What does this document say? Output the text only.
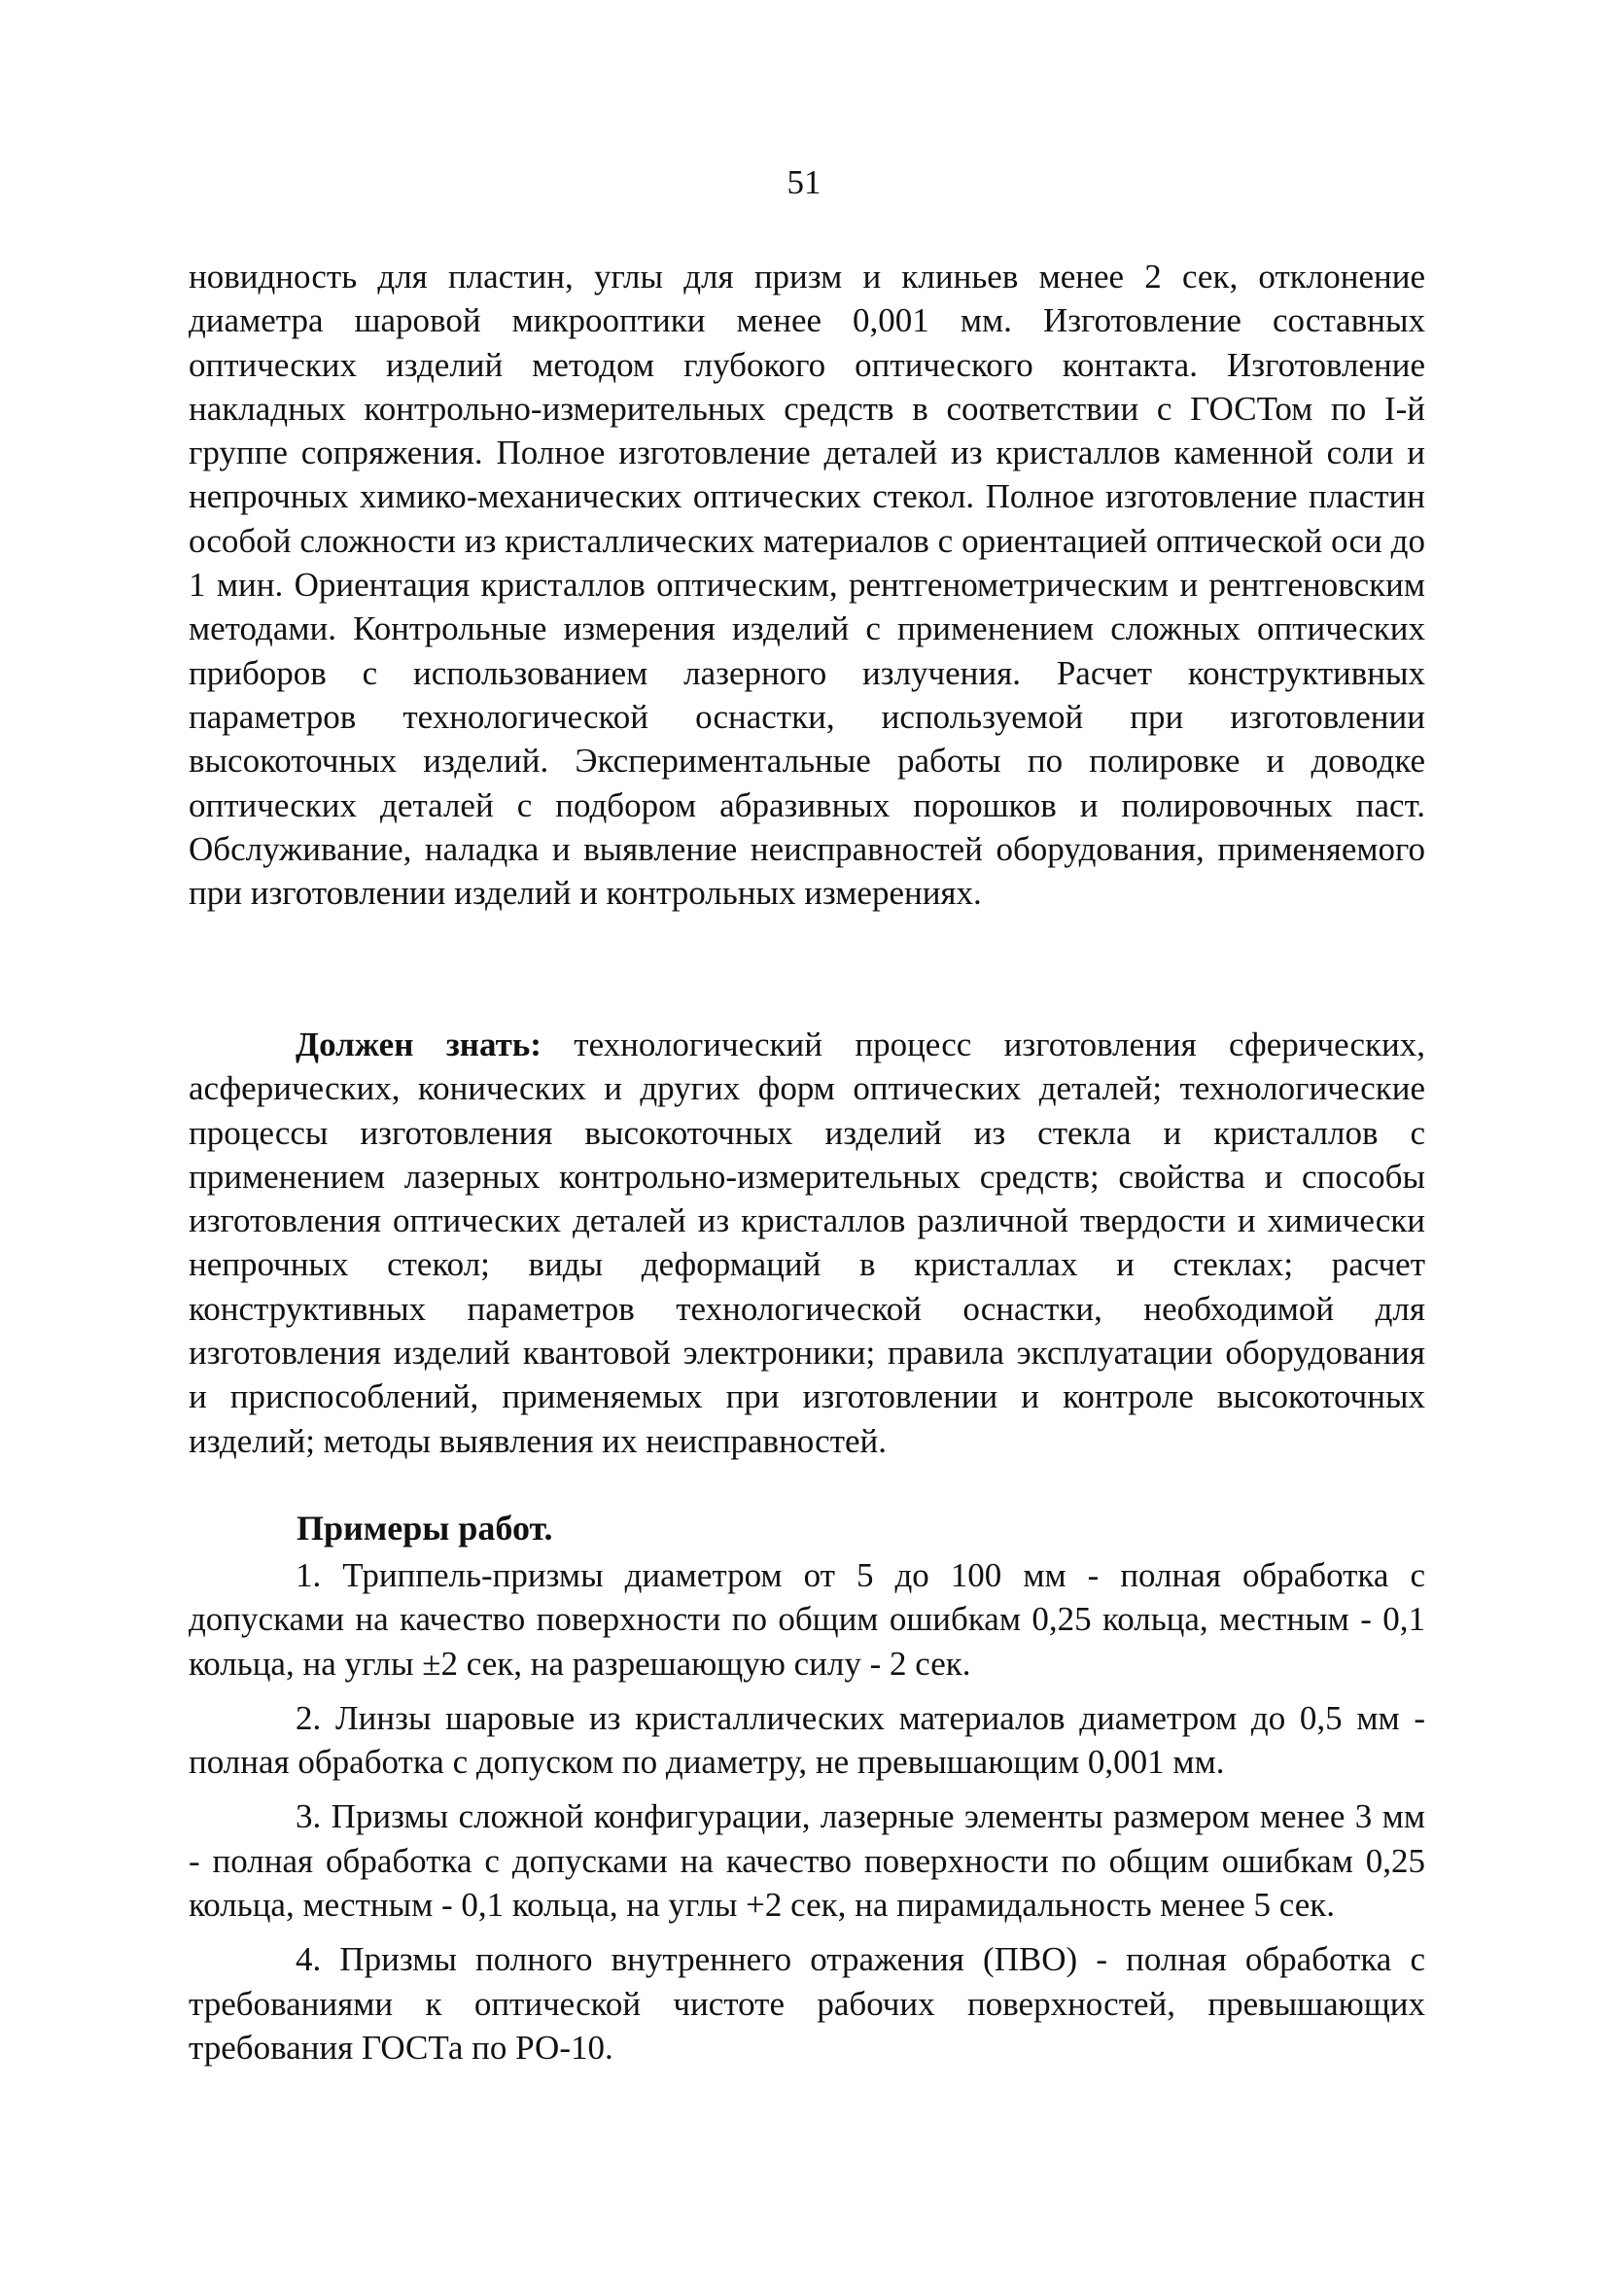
51

новидность для пластин, углы для призм и клиньев менее 2 сек, отклонение диаметра шаровой микрооптики менее 0,001 мм. Изготовление составных оптических изделий методом глубокого оптического контакта. Изготовление накладных контрольно-измерительных средств в соответствии с ГОСТом по I-й группе сопряжения. Полное изготовление деталей из кристаллов каменной соли и непрочных химико-механических оптических стекол. Полное изготовление пластин особой сложности из кристаллических материалов с ориентацией оптической оси до 1 мин. Ориентация кристаллов оптическим, рентгенометрическим и рентгеновским методами. Контрольные измерения изделий с применением сложных оптических приборов с использованием лазерного излучения. Расчет конструктивных параметров технологической оснастки, используемой при изготовлении высокоточных изделий. Экспериментальные работы по полировке и доводке оптических деталей с подбором абразивных порошков и полировочных паст. Обслуживание, наладка и выявление неисправностей оборудования, применяемого при изготовлении изделий и контрольных измерениях.

Должен знать: технологический процесс изготовления сферических, асферических, конических и других форм оптических деталей; технологические процессы изготовления высокоточных изделий из стекла и кристаллов с применением лазерных контрольно-измерительных средств; свойства и способы изготовления оптических деталей из кристаллов различной твердости и химически непрочных стекол; виды деформаций в кристаллах и стеклах; расчет конструктивных параметров технологической оснастки, необходимой для изготовления изделий квантовой электроники; правила эксплуатации оборудования и приспособлений, применяемых при изготовлении и контроле высокоточных изделий; методы выявления их неисправностей.

Примеры работ.

1. Триппель-призмы диаметром от 5 до 100 мм - полная обработка с допусками на качество поверхности по общим ошибкам 0,25 кольца, местным - 0,1 кольца, на углы ±2 сек, на разрешающую силу - 2 сек.

2. Линзы шаровые из кристаллических материалов диаметром до 0,5 мм - полная обработка с допуском по диаметру, не превышающим 0,001 мм.

3. Призмы сложной конфигурации, лазерные элементы размером менее 3 мм - полная обработка с допусками на качество поверхности по общим ошибкам 0,25 кольца, местным - 0,1 кольца, на углы +2 сек, на пирамидальность менее 5 сек.

4. Призмы полного внутреннего отражения (ПВО) - полная обработка с требованиями к оптической чистоте рабочих поверхностей, превышающих требования ГОСТа по РО-10.
